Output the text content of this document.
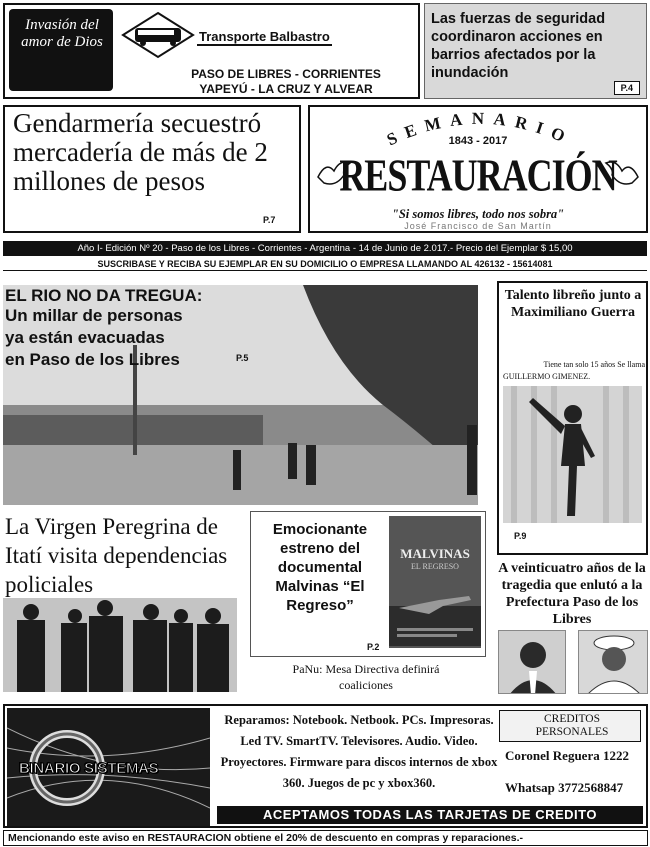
Invasión del amor de Dios	Transporte Balbastro
PASO DE LIBRES - CORRIENTES
YAPEYÚ - LA CRUZ Y ALVEAR
Las fuerzas de seguridad coordinaron acciones en barrios afectados por la inundación
P.4
Gendarmería secuestró mercadería de más de 2 millones de pesos
P.7
SEMANARIO
1843 - 2017
RESTAURACIÓN
"Si somos libres, todo nos sobra"
José Francisco de San Martín
Año I- Edición Nº 20 - Paso de los Libres - Corrientes - Argentina - 14 de Junio de 2.017.- Precio del Ejemplar $ 15,00
SUSCRIBASE Y RECIBA SU EJEMPLAR EN SU DOMICILIO O EMPRESA LLAMANDO AL 426132 - 15614081
EL RIO NO DA TREGUA:
Un millar de personas
ya están evacuadas
en Paso de los Libres	P.5
Talento libreño junto a Maximiliano Guerra
Tiene tan solo 15 años Se llama
GUILLERMO GIMENEZ.
P.9
La Virgen Peregrina de Itatí visita dependencias policiales
Emocionante estreno del documental Malvinas “El Regreso”
P.2
MALVINAS
EL REGRESO
PaNu: Mesa Directiva definirá coaliciones
A veinticuatro años de la tragedia que enlutó a la Prefectura Paso de los Libres
BINARIO SISTEMAS
Reparamos: Notebook. Netbook. PCs. Impresoras. Led TV. SmartTV. Televisores. Audio. Video. Proyectores. Firmware para discos internos de xbox 360. Juegos de pc y xbox360.
CREDITOS PERSONALES
Coronel Reguera 1222
Whatsap 3772568847
ACEPTAMOS TODAS LAS TARJETAS DE CREDITO
Mencionando este aviso en RESTAURACION obtiene el 20% de descuento en compras y reparaciones.-
